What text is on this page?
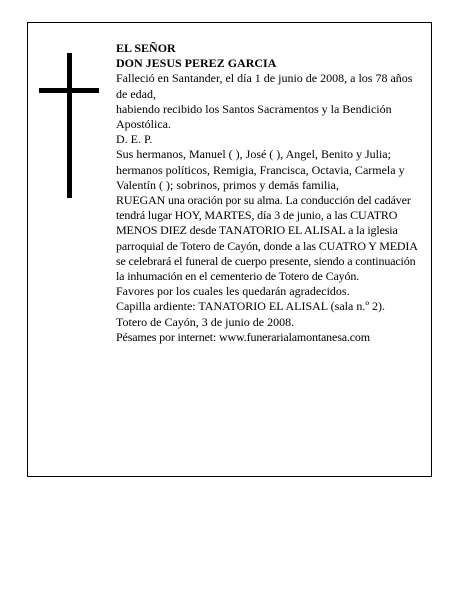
EL SEÑOR

DON JESUS PEREZ GARCIA

Falleció en Santander, el día 1 de junio de 2008, a los 78 años de edad,

habiendo recibido los Santos Sacramentos y la Bendición Apostólica.

D. E. P.

Sus hermanos, Manuel ( ), José ( ), Angel, Benito y Julia; hermanos políticos, Remigia, Francisca, Octavia, Carmela y Valentín ( ); sobrinos, primos y demás familia,

RUEGAN una oración por su alma. La conducción del cadáver tendrá lugar HOY, MARTES, día 3 de junio, a las CUATRO MENOS DIEZ desde TANATORIO EL ALISAL a la iglesia parroquial de Totero de Cayón, donde a las CUATRO Y MEDIA se celebrará el funeral de cuerpo presente, siendo a continuación la inhumación en el cementerio de Totero de Cayón.

Favores por los cuales les quedarán agradecidos.

Capilla ardiente: TANATORIO EL ALISAL (sala n.º 2).

Totero de Cayón, 3 de junio de 2008.

Pésames por internet: www.funerarialamontanesa.com
